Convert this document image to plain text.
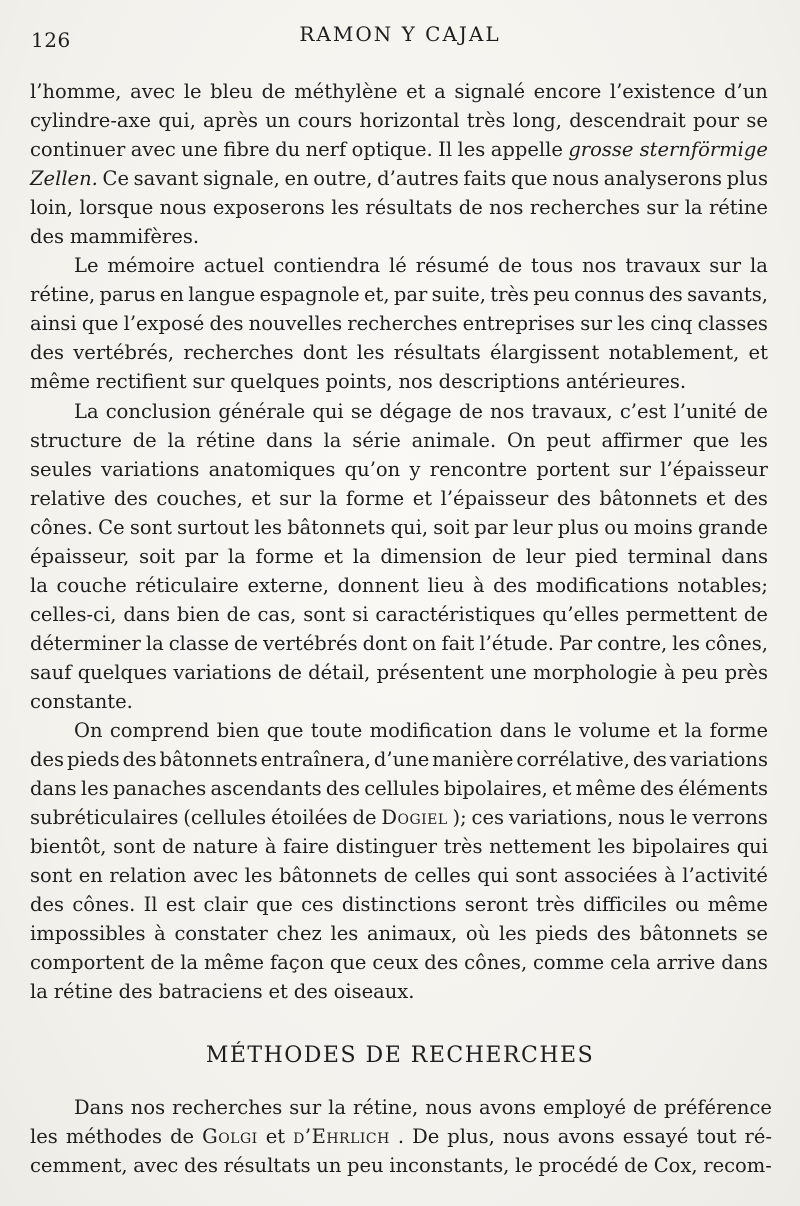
126	RAMON Y CAJAL
l’homme, avec le bleu de méthylène et a signalé encore l’existence d’un
cylindre-axe qui, après un cours horizontal très long, descendrait pour se
continuer avec une fibre du nerf optique. Il les appelle grosse sternförmige
Zellen. Ce savant signale, en outre, d’autres faits que nous analyserons plus
loin, lorsque nous exposerons les résultats de nos recherches sur la rétine
des mammifères.
Le mémoire actuel contiendra lé résumé de tous nos travaux sur la
rétine, parus en langue espagnole et, par suite, très peu connus des savants,
ainsi que l’exposé des nouvelles recherches entreprises sur les cinq classes
des vertébrés, recherches dont les résultats élargissent notablement, et
même rectifient sur quelques points, nos descriptions antérieures.
La conclusion générale qui se dégage de nos travaux, c’est l’unité de
structure de la rétine dans la série animale. On peut affirmer que les
seules variations anatomiques qu’on y rencontre portent sur l’épaisseur
relative des couches, et sur la forme et l’épaisseur des bâtonnets et des
cônes. Ce sont surtout les bâtonnets qui, soit par leur plus ou moins grande
épaisseur, soit par la forme et la dimension de leur pied terminal dans
la couche réticulaire externe, donnent lieu à des modifications notables;
celles-ci, dans bien de cas, sont si caractéristiques qu’elles permettent de
déterminer la classe de vertébrés dont on fait l’étude. Par contre, les cônes,
sauf quelques variations de détail, présentent une morphologie à peu près
constante.
On comprend bien que toute modification dans le volume et la forme
des pieds des bâtonnets entraînera, d’une manière corrélative, des variations
dans les panaches ascendants des cellules bipolaires, et même des éléments
subréticulaires (cellules étoilées de Dogiel ); ces variations, nous le verrons
bientôt, sont de nature à faire distinguer très nettement les bipolaires qui
sont en relation avec les bâtonnets de celles qui sont associées à l’activité
des cônes. Il est clair que ces distinctions seront très difficiles ou même
impossibles à constater chez les animaux, où les pieds des bâtonnets se
comportent de la même façon que ceux des cônes, comme cela arrive dans
la rétine des batraciens et des oiseaux.
MÉTHODES DE RECHERCHES
Dans nos recherches sur la rétine, nous avons employé de préférence
les méthodes de Golgi et d’Ehrlich . De plus, nous avons essayé tout ré-
cemment, avec des résultats un peu inconstants, le procédé de Cox, recom-
